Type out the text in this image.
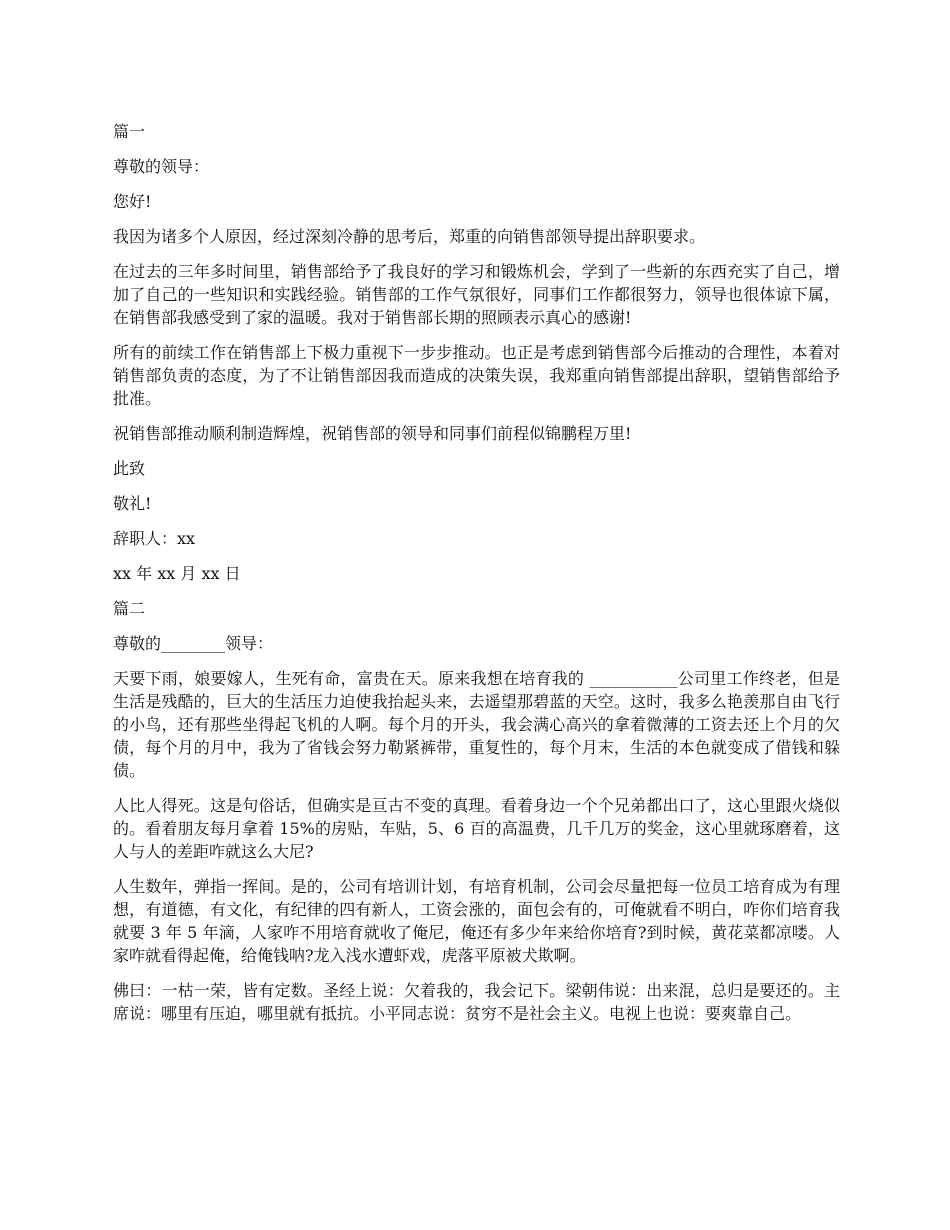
篇一

尊敬的领导：

您好!

我因为诸多个人原因，经过深刻冷静的思考后，郑重的向销售部领导提出辞职要求。

在过去的三年多时间里，销售部给予了我良好的学习和锻炼机会，学到了一些新的东西充实了自己，增加了自己的一些知识和实践经验。销售部的工作气氛很好，同事们工作都很努力，领导也很体谅下属，在销售部我感受到了家的温暖。我对于销售部长期的照顾表示真心的感谢!

所有的前续工作在销售部上下极力重视下一步步推动。也正是考虑到销售部今后推动的合理性，本着对销售部负责的态度，为了不让销售部因我而造成的决策失误，我郑重向销售部提出辞职，望销售部给予批准。

祝销售部推动顺利制造辉煌，祝销售部的领导和同事们前程似锦鹏程万里!

此致

敬礼!

辞职人：xx

xx 年 xx 月 xx 日

篇二

尊敬的________领导：

天要下雨，娘要嫁人，生死有命，富贵在天。原来我想在培育我的 ___________公司里工作终老，但是生活是残酷的，巨大的生活压力迫使我抬起头来，去遥望那碧蓝的天空。这时，我多么艳羡那自由飞行的小鸟，还有那些坐得起飞机的人啊。每个月的开头，我会满心高兴的拿着微薄的工资去还上个月的欠债，每个月的月中，我为了省钱会努力勒紧裤带，重复性的，每个月末，生活的本色就变成了借钱和躲债。

人比人得死。这是句俗话，但确实是亘古不变的真理。看着身边一个个兄弟都出口了，这心里跟火烧似的。看着朋友每月拿着 15%的房贴，车贴，5、6 百的高温费，几千几万的奖金，这心里就琢磨着，这人与人的差距咋就这么大尼?

人生数年，弹指一挥间。是的，公司有培训计划，有培育机制，公司会尽量把每一位员工培育成为有理想，有道德，有文化，有纪律的四有新人，工资会涨的，面包会有的，可俺就看不明白，咋你们培育我就要 3 年 5 年滴，人家咋不用培育就收了俺尼，俺还有多少年来给你培育?到时候，黄花菜都凉喽。人家咋就看得起俺，给俺钱呐?龙入浅水遭虾戏，虎落平原被犬欺啊。

佛曰：一枯一荣，皆有定数。圣经上说：欠着我的，我会记下。梁朝伟说：出来混，总归是要还的。主席说：哪里有压迫，哪里就有抵抗。小平同志说：贫穷不是社会主义。电视上也说：要爽靠自己。
